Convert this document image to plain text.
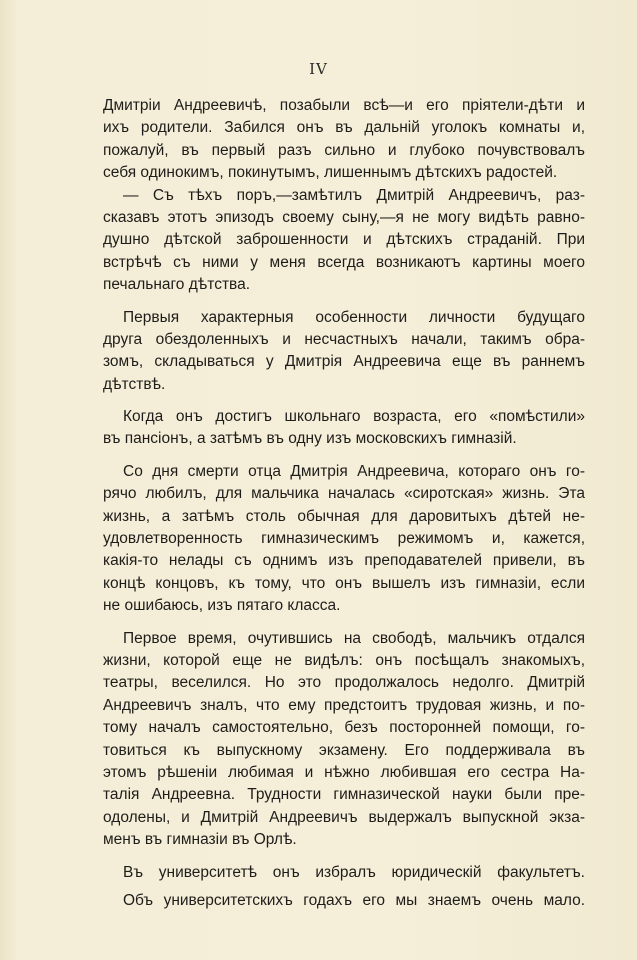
IV
Дмитріи Андреевичѣ, позабыли всѣ—и его пріятели-дѣти и
ихъ родители. Забился онъ въ дальній уголокъ комнаты и,
пожалуй, въ первый разъ сильно и глубоко почувствовалъ
себя одинокимъ, покинутымъ, лишеннымъ дѣтскихъ радостей.
— Съ тѣхъ поръ,—замѣтилъ Дмитрій Андреевичъ, раз-
сказавъ этотъ эпизодъ своему сыну,—я не могу видѣть равно-
душно дѣтской заброшенности и дѣтскихъ страданій. При
встрѣчѣ съ ними у меня всегда возникаютъ картины моего
печальнаго дѣтства.
Первыя характерныя особенности личности будущаго
друга обездоленныхъ и несчастныхъ начали, такимъ обра-
зомъ, складываться у Дмитрія Андреевича еще въ раннемъ
дѣтствѣ.
Когда онъ достигъ школьнаго возраста, его «помѣстили»
въ пансіонъ, а затѣмъ въ одну изъ московскихъ гимназій.
Со дня смерти отца Дмитрія Андреевича, котораго онъ го-
рячо любилъ, для мальчика началась «сиротская» жизнь. Эта
жизнь, а затѣмъ столь обычная для даровитыхъ дѣтей не-
удовлетворенность гимназическимъ режимомъ и, кажется,
какія-то нелады съ однимъ изъ преподавателей привели, въ
концѣ концовъ, къ тому, что онъ вышелъ изъ гимназіи, если
не ошибаюсь, изъ пятаго класса.
Первое время, очутившись на свободѣ, мальчикъ отдался
жизни, которой еще не видѣлъ: онъ посѣщалъ знакомыхъ,
театры, веселился. Но это продолжалось недолго. Дмитрій
Андреевичъ зналъ, что ему предстоитъ трудовая жизнь, и по-
тому началъ самостоятельно, безъ посторонней помощи, го-
товиться къ выпускному экзамену. Его поддерживала въ
этомъ рѣшеніи любимая и нѣжно любившая его сестра На-
талія Андреевна. Трудности гимназической науки были пре-
одолены, и Дмитрій Андреевичъ выдержалъ выпускной экза-
менъ въ гимназіи въ Орлѣ.
Въ университетѣ онъ избралъ юридическій факультетъ.
Объ университетскихъ годахъ его мы знаемъ очень мало.
